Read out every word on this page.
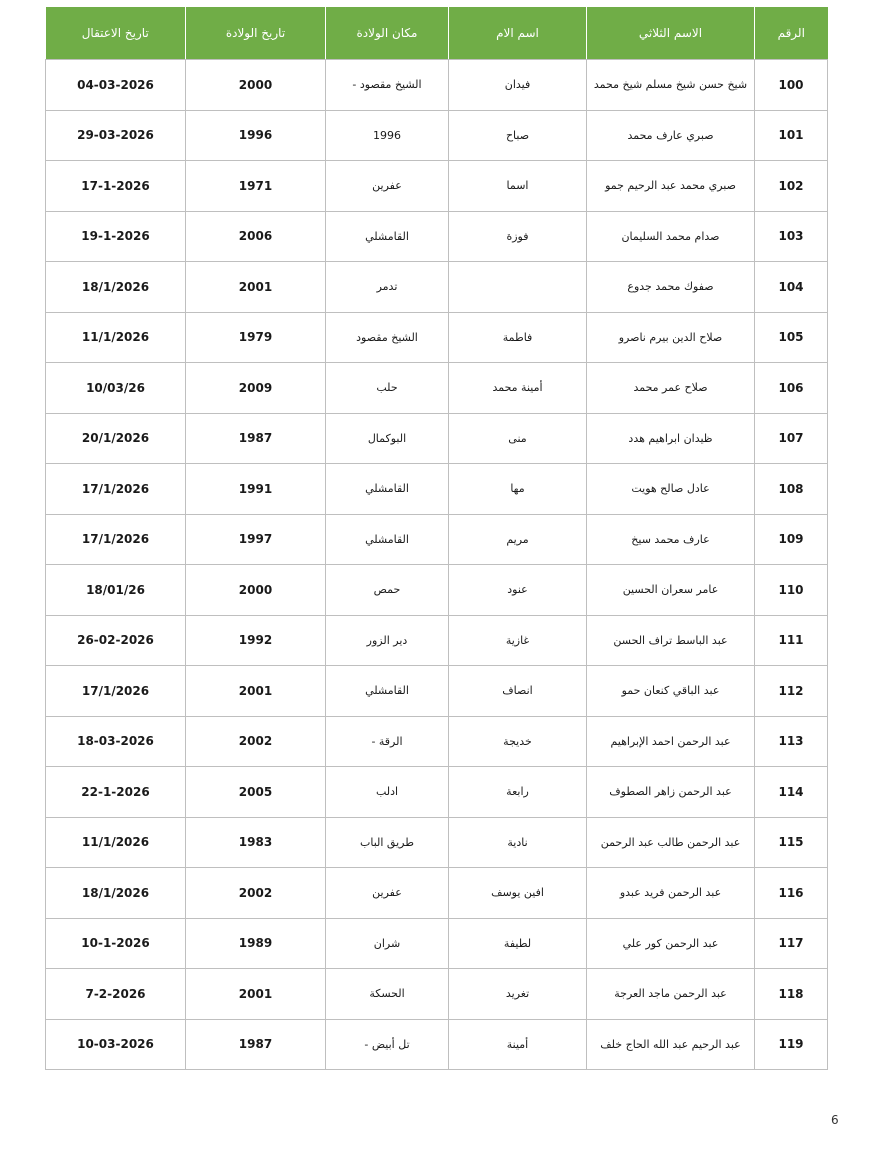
الرقم	الاسم الثلاثي	اسم الام	مكان الولادة	تاريخ الولادة	تاريخ الاعتقال
100	شيخ حسن شيخ مسلم شيخ محمد	فيدان	الشيخ مقصود -	2000	04-03-2026
101	صبري عارف محمد	صباح	1996	1996	29-03-2026
102	صبري محمد عبد الرحيم جمو	اسما	عفرين	1971	17-1-2026
103	صدام محمد السليمان	فوزة	القامشلي	2006	19-1-2026
104	صفوك محمد جدوع		تدمر	2001	18/1/2026
105	صلاح الدين بيرم ناصرو	فاطمة	الشيخ مقصود	1979	11/1/2026
106	صلاح عمر محمد	أمينة محمد	حلب	2009	10/03/26
107	ظيدان ابراهيم هدد	منى	البوكمال	1987	20/1/2026
108	عادل صالح هويت	مها	القامشلي	1991	17/1/2026
109	عارف محمد سيخ	مريم	القامشلي	1997	17/1/2026
110	عامر سعران الحسين	عنود	حمص	2000	18/01/26
111	عبد الباسط تراف الحسن	غازية	دير الزور	1992	26-02-2026
112	عبد الباقي كنعان حمو	انصاف	القامشلي	2001	17/1/2026
113	عبد الرحمن احمد الإبراهيم	خديجة	الرقة -	2002	18-03-2026
114	عبد الرحمن زاهر الصطوف	رابعة	ادلب	2005	22-1-2026
115	عبد الرحمن طالب عبد الرحمن	نادية	طريق الباب	1983	11/1/2026
116	عبد الرحمن فريد عبدو	افين يوسف	عفرين	2002	18/1/2026
117	عبد الرحمن كور علي	لطيفة	شران	1989	10-1-2026
118	عبد الرحمن ماجد العرجة	تغريد	الحسكة	2001	7-2-2026
119	عبد الرحيم عبد الله الحاج خلف	أمينة	تل أبيض -	1987	10-03-2026
6
